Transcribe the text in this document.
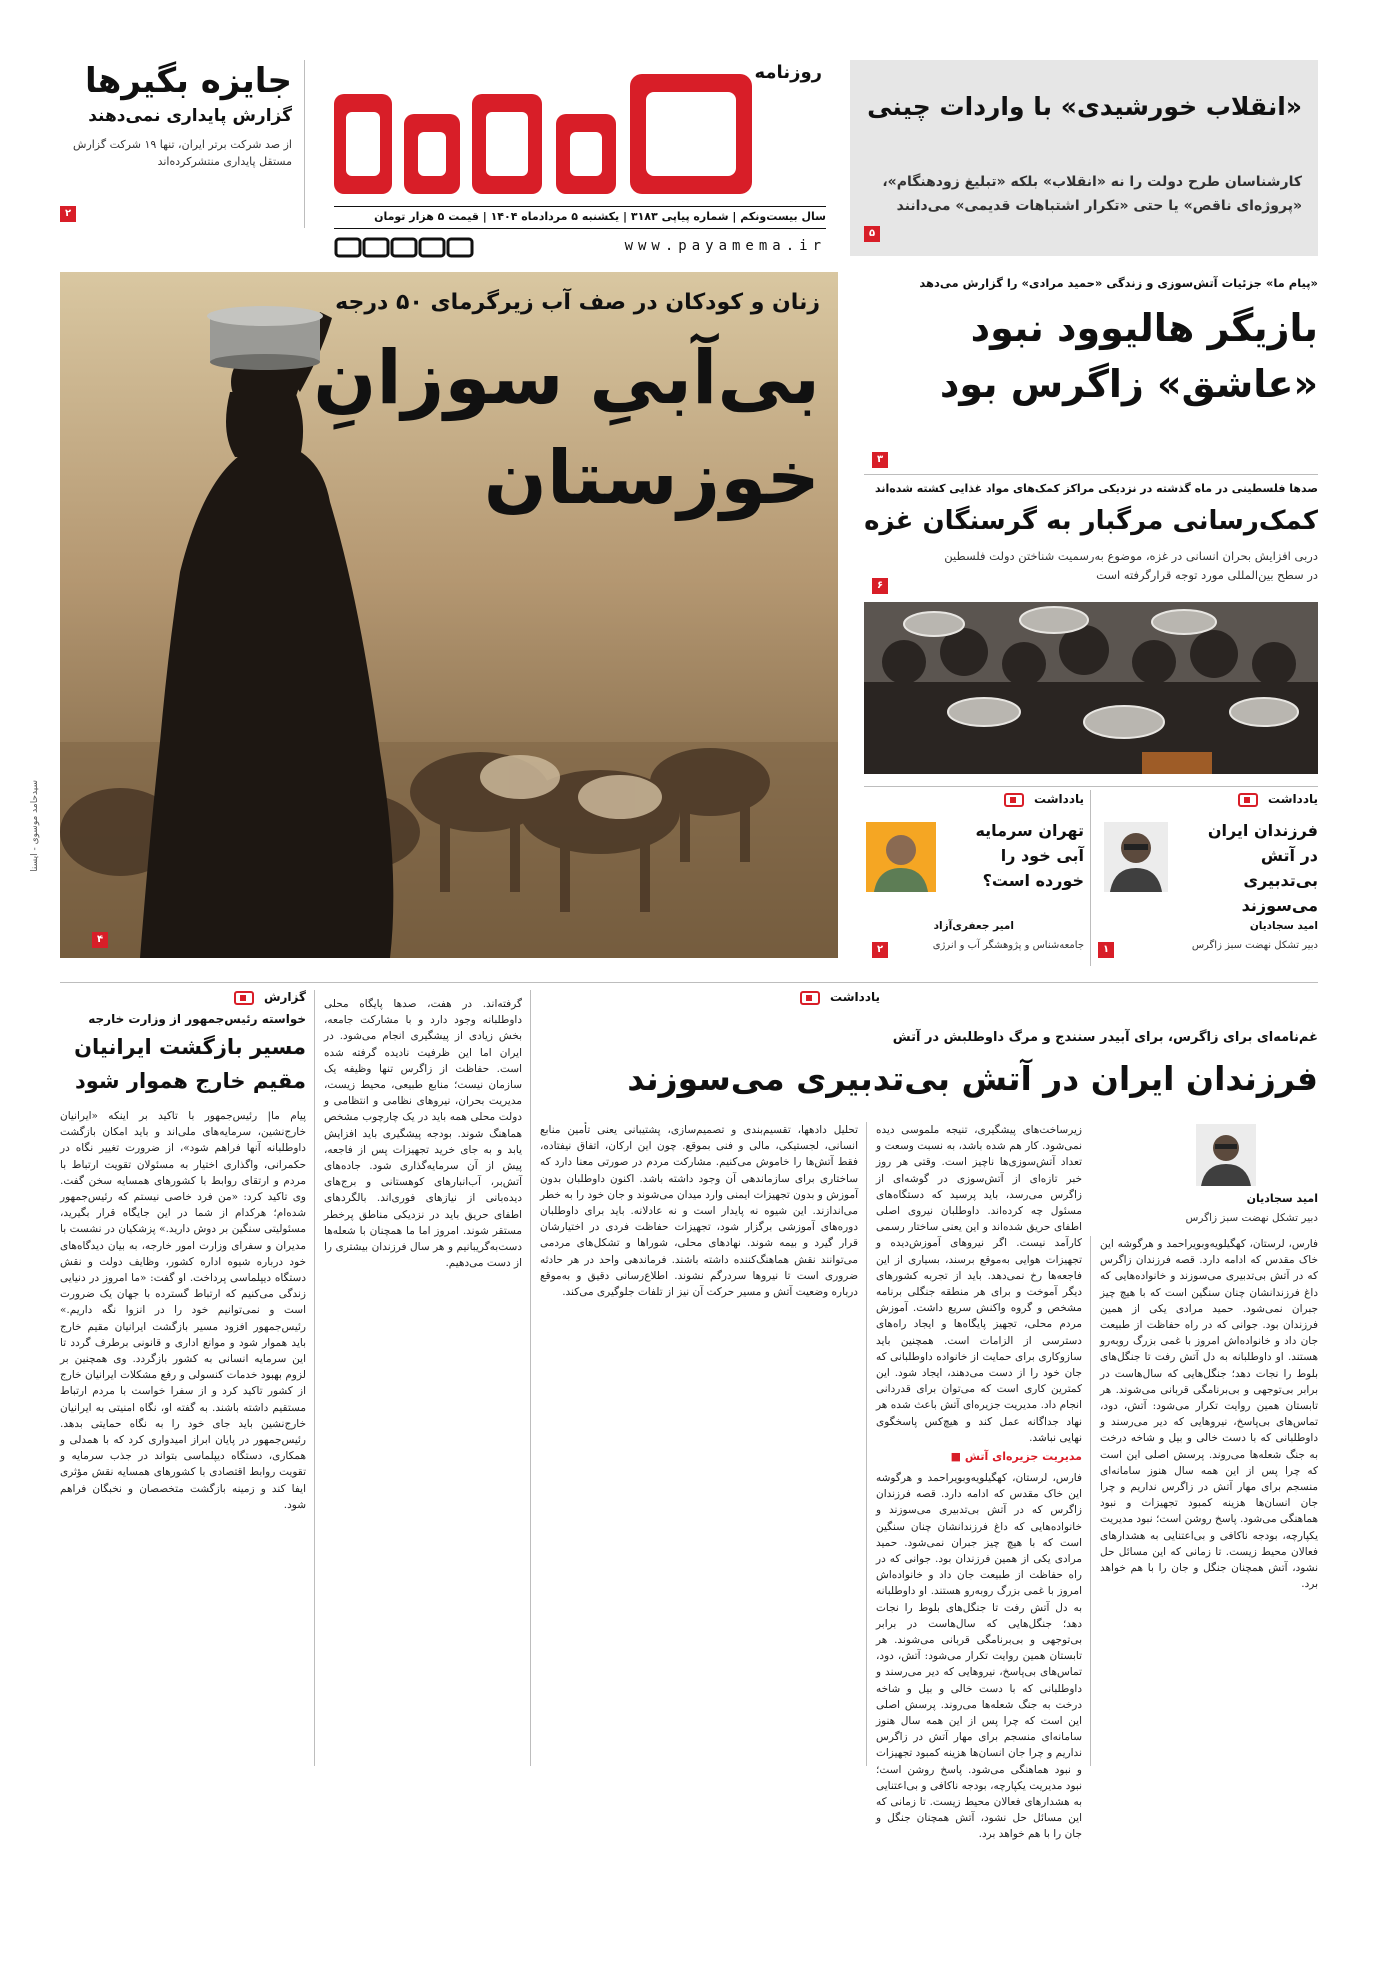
جایزه بگیرها
گزارش پایداری نمی‌دهند
از صد شرکت برتر ایران، تنها ۱۹ شرکت گزارش مستقل پایداری منتشرکرده‌اند
۲
روزنامه
سال بیست‌ونکم | شماره پیاپی ۳۱۸۳ | یکشنبه ۵ مردادماه ۱۴۰۴ | قیمت ۵ هزار تومان
www.payamema.ir
«انقلاب خورشیدی» با واردات چینی
کارشناسان طرح دولت را نه «انقلاب» بلکه «تبلیغ زودهنگام»، «پروژه‌ای ناقص» یا حتی «تکرار اشتباهات قدیمی» می‌دانند
۵
زنان و کودکان در صف آب زیرگرمای ۵۰ درجه
بی‌آبیِ سوزانِ
خوزستان
۴
سیدحامد موسوی - ایسنا
«پیام ما» جزئیات آتش‌سوزی و زندگی «حمید مرادی» را گزارش می‌دهد
بازیگر هالیوود نبود
«عاشق» زاگرس بود
۳
صدها فلسطینی در ماه گذشته در نزدیکی مراکز کمک‌های مواد غذایی کشته شده‌اند
کمک‌رسانی مرگبار به گرسنگان غزه
دربی افزایش بحران انسانی در غزه، موضوع به‌رسمیت شناختن دولت فلسطین در سطح بین‌المللی مورد توجه قرارگرفته است
۶
یادداشت
فرزندان ایران در آتش بی‌تدبیری می‌سوزند
امید سجادیان
دبیر تشکل نهضت سبز زاگرس
۱
یادداشت
تهران سرمایه آبی خود را خورده است؟
امیر جعفری‌آزاد
جامعه‌شناس و پژوهشگر آب و انرژی
۲
یادداشت
غم‌نامه‌ای برای زاگرس، برای آبیدر سنندج و مرگ داوطلبش در آتش
فرزندان ایران در آتش بی‌تدبیری می‌سوزند
امید سجادیان
دبیر تشکل نهضت سبز زاگرس
فارس، لرستان، کهگیلویه‌وبویراحمد و هرگوشه این خاک مقدس که ادامه دارد. قصه فرزندان زاگرس که در آتش بی‌تدبیری می‌سوزند و خانواده‌هایی که داغ فرزندانشان چنان سنگین است که با هیچ چیز جبران نمی‌شود. حمید مرادی یکی از همین فرزندان بود. جوانی که در راه حفاظت از طبیعت جان داد و خانواده‌اش امروز با غمی بزرگ روبه‌رو هستند. او داوطلبانه به دل آتش رفت تا جنگل‌های بلوط را نجات دهد؛ جنگل‌هایی که سال‌هاست در برابر بی‌توجهی و بی‌برنامگی قربانی می‌شوند. هر تابستان همین روایت تکرار می‌شود: آتش، دود، تماس‌های بی‌پاسخ، نیروهایی که دیر می‌رسند و داوطلبانی که با دست خالی و بیل و شاخه درخت به جنگ شعله‌ها می‌روند. پرسش اصلی این است که چرا پس از این همه سال هنوز سامانه‌ای منسجم برای مهار آتش در زاگرس نداریم و چرا جان انسان‌ها هزینه کمبود تجهیزات و نبود هماهنگی می‌شود. پاسخ روشن است؛ نبود مدیریت یکپارچه، بودجه ناکافی و بی‌اعتنایی به هشدارهای فعالان محیط زیست. تا زمانی که این مسائل حل نشود، آتش همچنان جنگل و جان را با هم خواهد برد.
زیرساخت‌های پیشگیری، تنیجه ملموسی دیده نمی‌شود. کار هم شده باشد، به نسبت وسعت و تعداد آتش‌سوزی‌ها ناچیز است. وقتی هر روز خبر تازه‌ای از آتش‌سوزی در گوشه‌ای از زاگرس می‌رسد، باید پرسید که دستگاه‌های مسئول چه کرده‌اند. داوطلبان نیروی اصلی اطفای حریق شده‌اند و این یعنی ساختار رسمی کارآمد نیست. اگر نیروهای آموزش‌دیده و تجهیزات هوایی به‌موقع برسند، بسیاری از این فاجعه‌ها رخ نمی‌دهد. باید از تجربه کشورهای دیگر آموخت و برای هر منطقه جنگلی برنامه مشخص و گروه واکنش سریع داشت. آموزش مردم محلی، تجهیز پایگاه‌ها و ایجاد راه‌های دسترسی از الزامات است. همچنین باید سازوکاری برای حمایت از خانواده داوطلبانی که جان خود را از دست می‌دهند، ایجاد شود. این کمترین کاری است که می‌توان برای قدردانی انجام داد. مدیریت جزیره‌ای آتش باعث شده هر نهاد جداگانه عمل کند و هیچ‌کس پاسخگوی نهایی نباشد.
مدیریت جزیره‌ای آتش ■
فارس، لرستان، کهگیلویه‌وبویراحمد و هرگوشه این خاک مقدس که ادامه دارد. قصه فرزندان زاگرس که در آتش بی‌تدبیری می‌سوزند و خانواده‌هایی که داغ فرزندانشان چنان سنگین است که با هیچ چیز جبران نمی‌شود. حمید مرادی یکی از همین فرزندان بود. جوانی که در راه حفاظت از طبیعت جان داد و خانواده‌اش امروز با غمی بزرگ روبه‌رو هستند. او داوطلبانه به دل آتش رفت تا جنگل‌های بلوط را نجات دهد؛ جنگل‌هایی که سال‌هاست در برابر بی‌توجهی و بی‌برنامگی قربانی می‌شوند. هر تابستان همین روایت تکرار می‌شود: آتش، دود، تماس‌های بی‌پاسخ، نیروهایی که دیر می‌رسند و داوطلبانی که با دست خالی و بیل و شاخه درخت به جنگ شعله‌ها می‌روند. پرسش اصلی این است که چرا پس از این همه سال هنوز سامانه‌ای منسجم برای مهار آتش در زاگرس نداریم و چرا جان انسان‌ها هزینه کمبود تجهیزات و نبود هماهنگی می‌شود. پاسخ روشن است؛ نبود مدیریت یکپارچه، بودجه ناکافی و بی‌اعتنایی به هشدارهای فعالان محیط زیست. تا زمانی که این مسائل حل نشود، آتش همچنان جنگل و جان را با هم خواهد برد.
تحلیل دادهها، تقسیم‌بندی و تصمیم‌سازی، پشتیبانی یعنی تأمین منابع انسانی، لجستیکی، مالی و فنی بموقع. چون این ارکان، اتفاق نیفتاده، فقط آتش‌ها را خاموش می‌کنیم. مشارکت مردم در صورتی معنا دارد که ساختاری برای سازماندهی آن وجود داشته باشد. اکنون داوطلبان بدون آموزش و بدون تجهیزات ایمنی وارد میدان می‌شوند و جان خود را به خطر می‌اندازند. این شیوه نه پایدار است و نه عادلانه. باید برای داوطلبان دوره‌های آموزشی برگزار شود، تجهیزات حفاظت فردی در اختیارشان قرار گیرد و بیمه شوند. نهادهای محلی، شوراها و تشکل‌های مردمی می‌توانند نقش هماهنگ‌کننده داشته باشند. فرماندهی واحد در هر حادثه ضروری است تا نیروها سردرگم نشوند. اطلاع‌رسانی دقیق و به‌موقع درباره وضعیت آتش و مسیر حرکت آن نیز از تلفات جلوگیری می‌کند.
گرفته‌اند. در هفت، صدها پایگاه محلی داوطلبانه وجود دارد و با مشارکت جامعه، بخش زیادی از پیشگیری انجام می‌شود. در ایران اما این ظرفیت نادیده گرفته شده است. حفاظت از زاگرس تنها وظیفه یک سازمان نیست؛ منابع طبیعی، محیط زیست، مدیریت بحران، نیروهای نظامی و انتظامی و دولت محلی همه باید در یک چارچوب مشخص هماهنگ شوند. بودجه پیشگیری باید افزایش یابد و به جای خرید تجهیزات پس از فاجعه، پیش از آن سرمایه‌گذاری شود. جاده‌های آتش‌بر، آب‌انبارهای کوهستانی و برج‌های دیده‌بانی از نیازهای فوری‌اند. بالگردهای اطفای حریق باید در نزدیکی مناطق پرخطر مستقر شوند. امروز اما ما همچنان با شعله‌ها دست‌به‌گریبانیم و هر سال فرزندان بیشتری را از دست می‌دهیم.
گزارش
خواسته رئیس‌جمهور از وزارت خارجه
مسیر بازگشت ایرانیان
مقیم خارج هموار شود
پیام ما| رئیس‌جمهور با تاکید بر اینکه «ایرانیان خارج‌نشین، سرمایه‌های ملی‌اند و باید امکان بازگشت داوطلبانه آنها فراهم شود»، از ضرورت تغییر نگاه در حکمرانی، واگذاری اختیار به مسئولان تقویت ارتباط با مردم و ارتقای روابط با کشورهای همسایه سخن گفت. وی تاکید کرد: «من فرد خاصی نیستم که رئیس‌جمهور شده‌ام؛ هرکدام از شما در این جایگاه قرار بگیرید، مسئولیتی سنگین بر دوش دارید.» پزشکیان در نشست با مدیران و سفرای وزارت امور خارجه، به بیان دیدگاه‌های خود درباره شیوه اداره کشور، وظایف دولت و نقش دستگاه دیپلماسی پرداخت. او گفت: «ما امروز در دنیایی زندگی می‌کنیم که ارتباط گسترده با جهان یک ضرورت است و نمی‌توانیم خود را در انزوا نگه داریم.» رئیس‌جمهور افزود مسیر بازگشت ایرانیان مقیم خارج باید هموار شود و موانع اداری و قانونی برطرف گردد تا این سرمایه انسانی به کشور بازگردد. وی همچنین بر لزوم بهبود خدمات کنسولی و رفع مشکلات ایرانیان خارج از کشور تاکید کرد و از سفرا خواست با مردم ارتباط مستقیم داشته باشند. به گفته او، نگاه امنیتی به ایرانیان خارج‌نشین باید جای خود را به نگاه حمایتی بدهد. رئیس‌جمهور در پایان ابراز امیدواری کرد که با همدلی و همکاری، دستگاه دیپلماسی بتواند در جذب سرمایه و تقویت روابط اقتصادی با کشورهای همسایه نقش مؤثری ایفا کند و زمینه بازگشت متخصصان و نخبگان فراهم شود.
